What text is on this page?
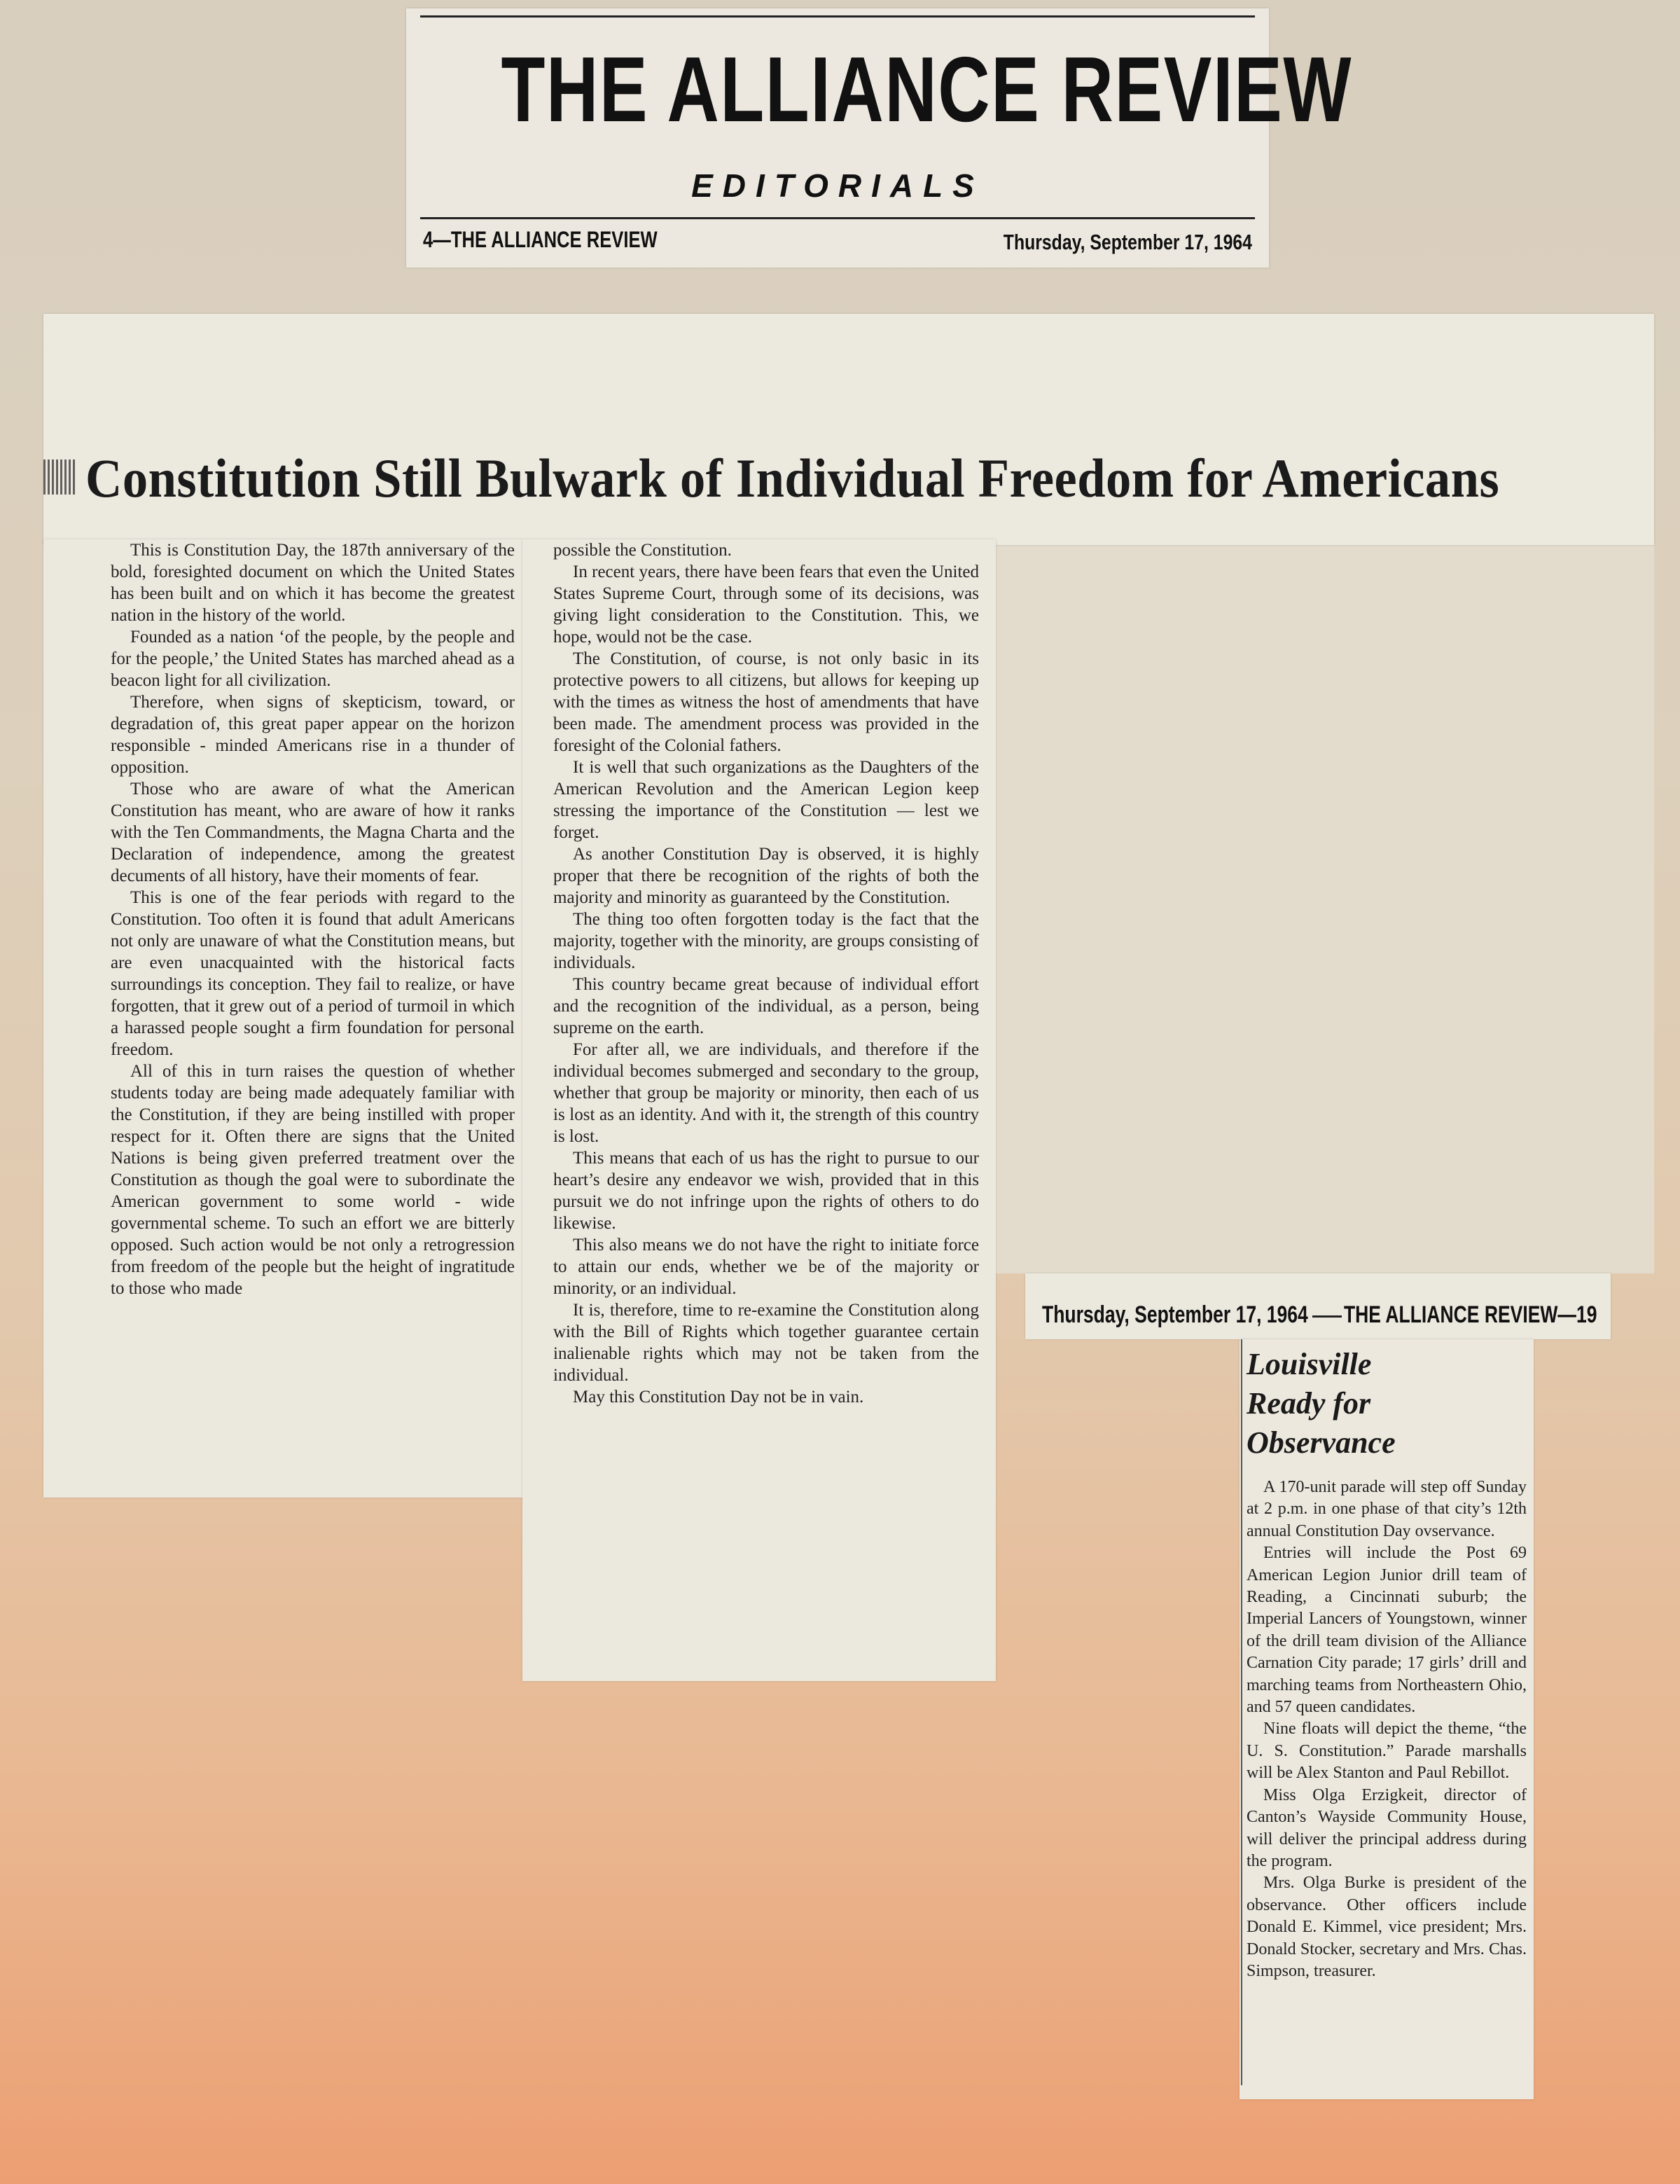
THE ALLIANCE REVIEW
EDITORIALS
4—THE ALLIANCE REVIEW	Thursday, September 17, 1964
Constitution Still Bulwark of Individual Freedom for Americans

This is Constitution Day, the 187th anniversary of the bold, foresighted document on which the United States has been built and on which it has become the greatest nation in the history of the world.

Founded as a nation ‘of the people, by the people and for the people,’ the United States has marched ahead as a beacon light for all civilization.

Therefore, when signs of skepticism, toward, or degradation of, this great paper appear on the horizon responsible - minded Americans rise in a thunder of opposition.

Those who are aware of what the American Constitution has meant, who are aware of how it ranks with the Ten Commandments, the Magna Charta and the Declaration of independence, among the greatest decuments of all history, have their moments of fear.

This is one of the fear periods with regard to the Constitution. Too often it is found that adult Americans not only are unaware of what the Constitution means, but are even unacquainted with the historical facts surroundings its conception. They fail to realize, or have forgotten, that it grew out of a period of turmoil in which a harassed people sought a firm foundation for personal freedom.

All of this in turn raises the question of whether students today are being made adequately familiar with the Constitution, if they are being instilled with proper respect for it. Often there are signs that the United Nations is being given preferred treatment over the Constitution as though the goal were to subordinate the American government to some world - wide governmental scheme. To such an effort we are bitterly opposed. Such action would be not only a retrogression from freedom of the people but the height of ingratitude to those who made

possible the Constitution.

In recent years, there have been fears that even the United States Supreme Court, through some of its decisions, was giving light consideration to the Constitution. This, we hope, would not be the case.

The Constitution, of course, is not only basic in its protective powers to all citizens, but allows for keeping up with the times as witness the host of amendments that have been made. The amendment process was provided in the foresight of the Colonial fathers.

It is well that such organizations as the Daughters of the American Revolution and the American Legion keep stressing the importance of the Constitution — lest we forget.

As another Constitution Day is observed, it is highly proper that there be recognition of the rights of both the majority and minority as guaranteed by the Constitution.

The thing too often forgotten today is the fact that the majority, together with the minority, are groups consisting of individuals.

This country became great because of individual effort and the recognition of the individual, as a person, being supreme on the earth.

For after all, we are individuals, and therefore if the individual becomes submerged and secondary to the group, whether that group be majority or minority, then each of us is lost as an identity. And with it, the strength of this country is lost.

This means that each of us has the right to pursue to our heart’s desire any endeavor we wish, provided that in this pursuit we do not infringe upon the rights of others to do likewise.

This also means we do not have the right to initiate force to attain our ends, whether we be of the majority or minority, or an individual.

It is, therefore, time to re-examine the Constitution along with the Bill of Rights which together guarantee certain inalienable rights which may not be taken from the individual.

May this Constitution Day not be in vain.

Thursday, September 17, 1964 THE ALLIANCE REVIEW—19
Louisville
Ready for
Observance

A 170-unit parade will step off Sunday at 2 p.m. in one phase of that city’s 12th annual Constitution Day ovservance.

Entries will include the Post 69 American Legion Junior drill team of Reading, a Cincinnati suburb; the Imperial Lancers of Youngstown, winner of the drill team division of the Alliance Carnation City parade; 17 girls’ drill and marching teams from Northeastern Ohio, and 57 queen candidates.

Nine floats will depict the theme, “the U. S. Constitution.” Parade marshalls will be Alex Stanton and Paul Rebillot.

Miss Olga Erzigkeit, director of Canton’s Wayside Community House, will deliver the principal address during the program.

Mrs. Olga Burke is president of the observance. Other officers include Donald E. Kimmel, vice president; Mrs. Donald Stocker, secretary and Mrs. Chas. Simpson, treasurer.
